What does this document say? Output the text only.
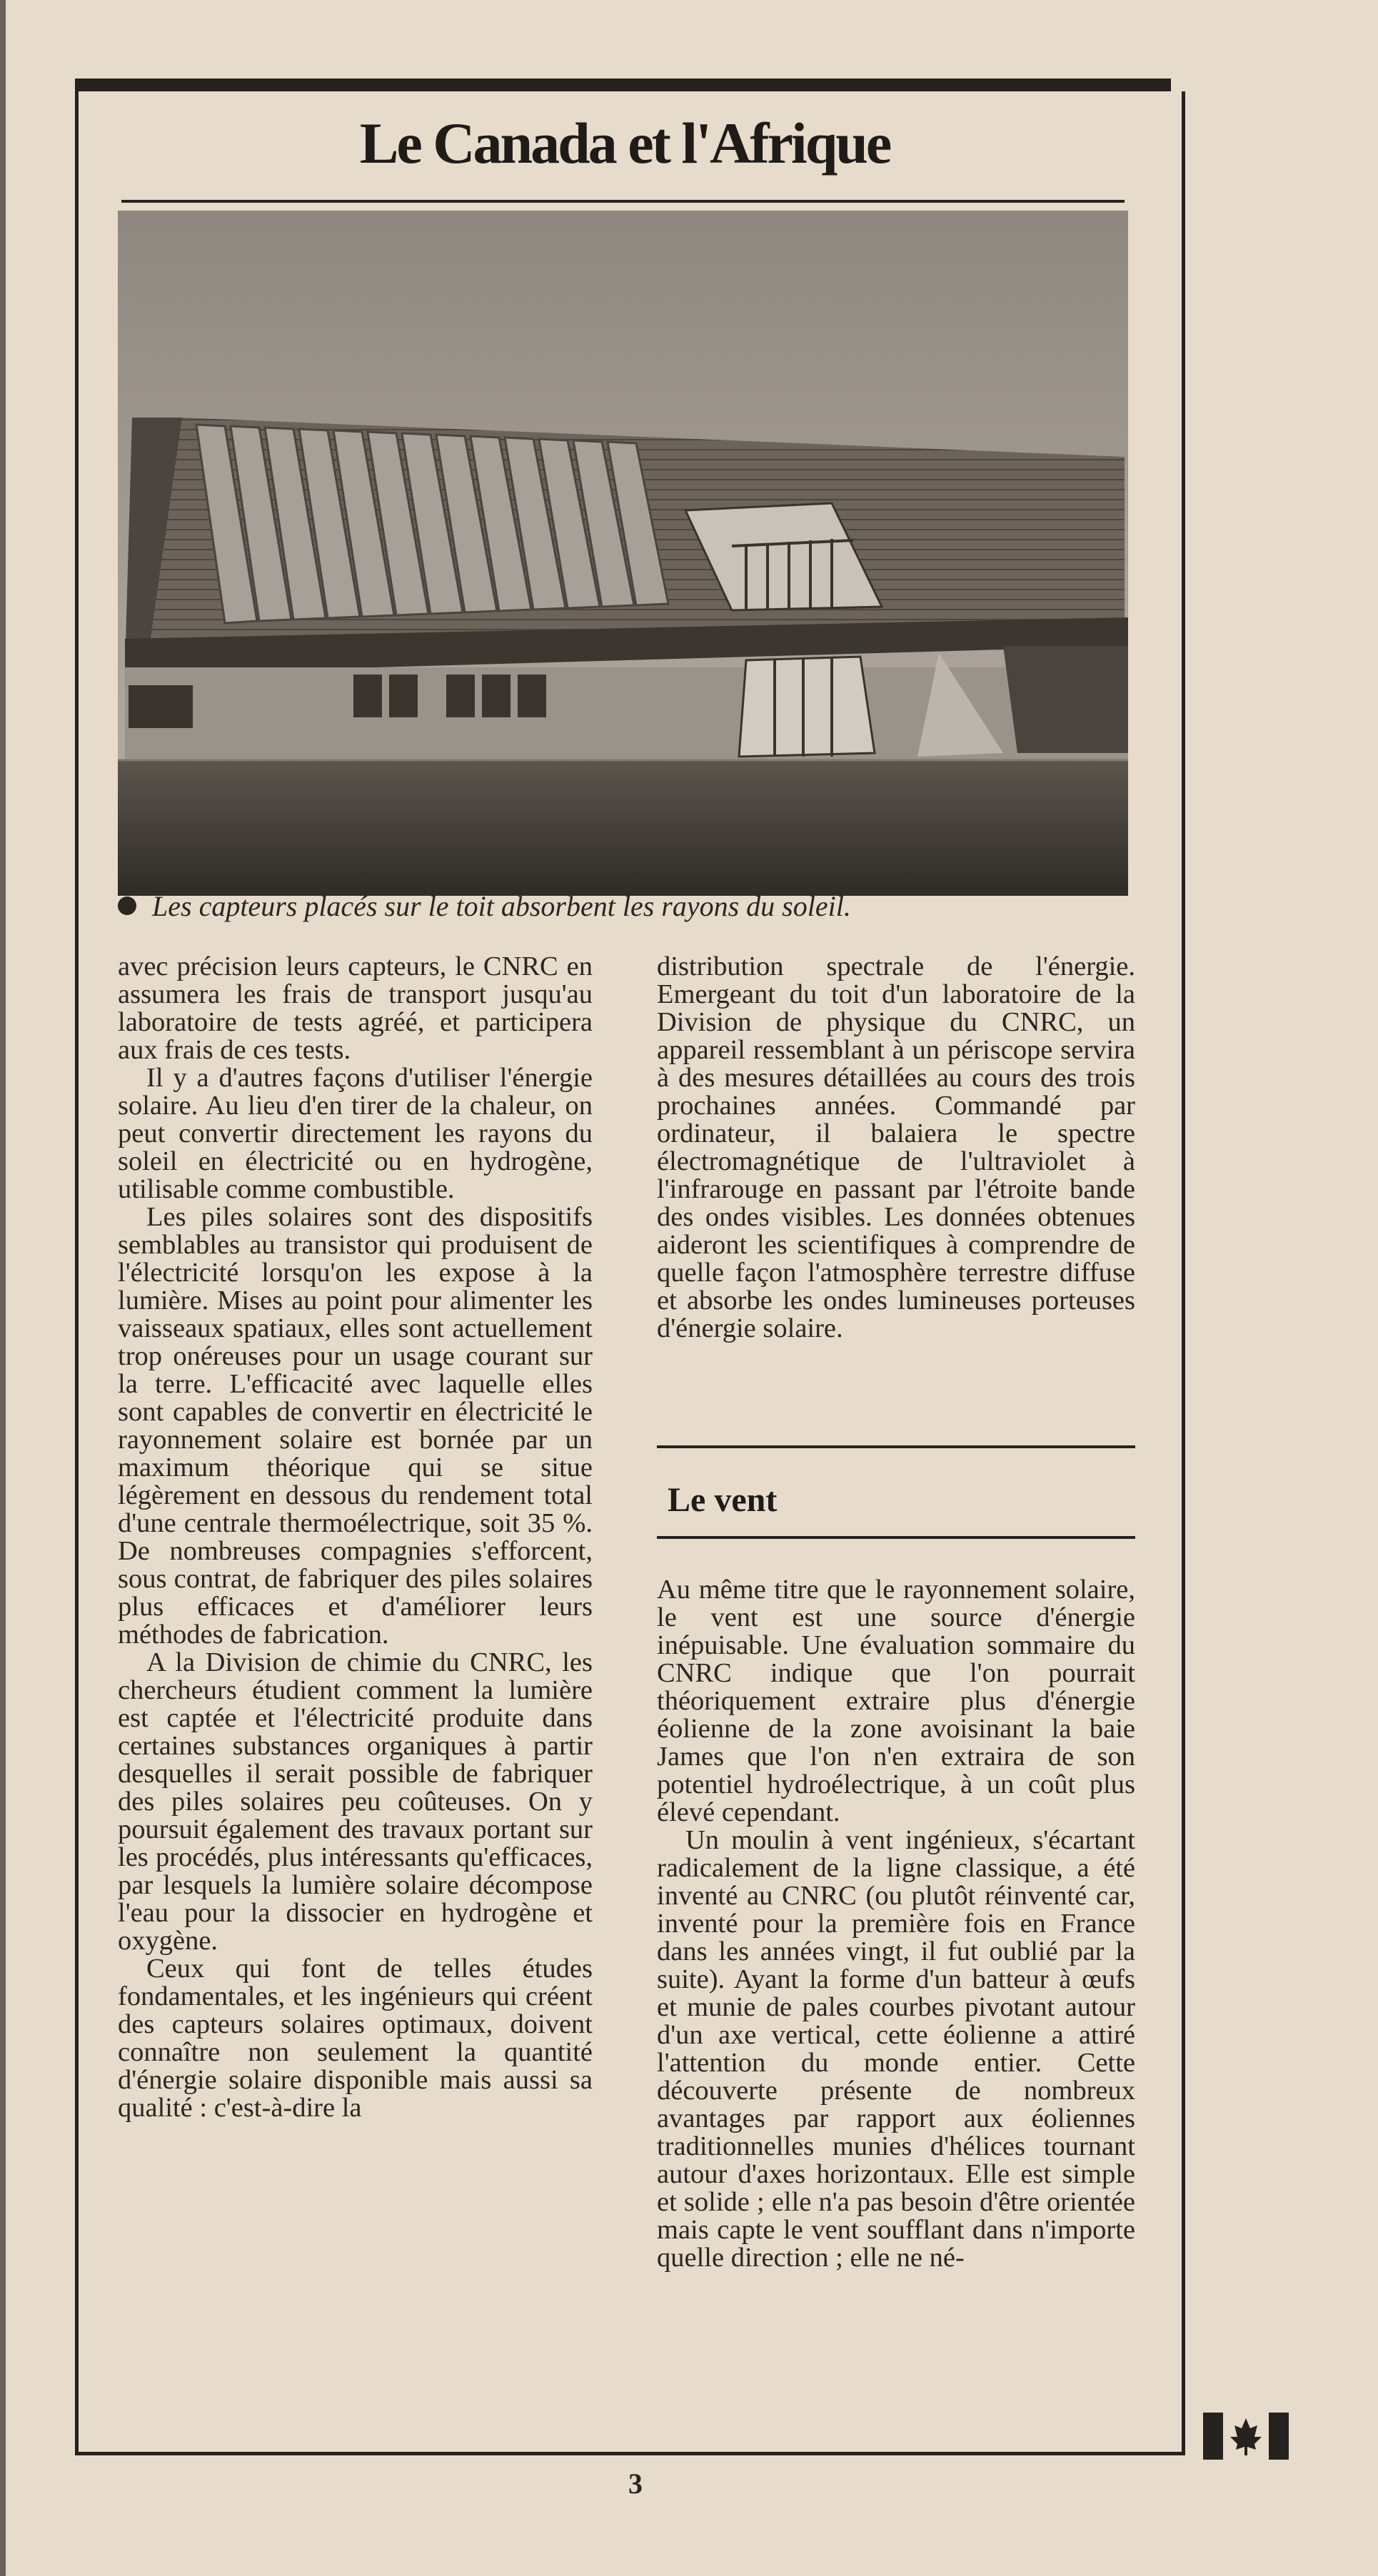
Le Canada et l'Afrique
Les capteurs placés sur le toit absorbent les rayons du soleil.

avec précision leurs capteurs, le CNRC en assumera les frais de transport jusqu'au laboratoire de tests agréé, et participera aux frais de ces tests.

Il y a d'autres façons d'utiliser l'énergie solaire. Au lieu d'en tirer de la chaleur, on peut convertir directement les rayons du soleil en électricité ou en hydrogène, utilisable comme combustible.

Les piles solaires sont des dispositifs semblables au transistor qui produisent de l'électricité lorsqu'on les expose à la lumière. Mises au point pour alimenter les vaisseaux spatiaux, elles sont actuellement trop onéreuses pour un usage courant sur la terre. L'efficacité avec laquelle elles sont capables de convertir en électricité le rayonnement solaire est bornée par un maximum théorique qui se situe légèrement en dessous du rendement total d'une centrale thermoélectrique, soit 35 %. De nombreuses compagnies s'efforcent, sous contrat, de fabriquer des piles solaires plus efficaces et d'améliorer leurs méthodes de fabrication.

A la Division de chimie du CNRC, les chercheurs étudient comment la lumière est captée et l'électricité produite dans certaines substances organiques à partir desquelles il serait possible de fabriquer des piles solaires peu coûteuses. On y poursuit également des travaux portant sur les procédés, plus intéressants qu'efficaces, par lesquels la lumière solaire décompose l'eau pour la dissocier en hydrogène et oxygène.

Ceux qui font de telles études fondamentales, et les ingénieurs qui créent des capteurs solaires optimaux, doivent connaître non seulement la quantité d'énergie solaire disponible mais aussi sa qualité : c'est-à-dire la

distribution spectrale de l'énergie. Emergeant du toit d'un laboratoire de la Division de physique du CNRC, un appareil ressemblant à un périscope servira à des mesures détaillées au cours des trois prochaines années. Commandé par ordinateur, il balaiera le spectre électromagnétique de l'ultraviolet à l'infrarouge en passant par l'étroite bande des ondes visibles. Les données obtenues aideront les scientifiques à comprendre de quelle façon l'atmosphère terrestre diffuse et absorbe les ondes lumineuses porteuses d'énergie solaire.

Le vent

Au même titre que le rayonnement solaire, le vent est une source d'énergie inépuisable. Une évaluation sommaire du CNRC indique que l'on pourrait théoriquement extraire plus d'énergie éolienne de la zone avoisinant la baie James que l'on n'en extraira de son potentiel hydroélectrique, à un coût plus élevé cependant.

Un moulin à vent ingénieux, s'écartant radicalement de la ligne classique, a été inventé au CNRC (ou plutôt réinventé car, inventé pour la première fois en France dans les années vingt, il fut oublié par la suite). Ayant la forme d'un batteur à œufs et munie de pales courbes pivotant autour d'un axe vertical, cette éolienne a attiré l'attention du monde entier. Cette découverte présente de nombreux avantages par rapport aux éoliennes traditionnelles munies d'hélices tournant autour d'axes horizontaux. Elle est simple et solide ; elle n'a pas besoin d'être orientée mais capte le vent soufflant dans n'importe quelle direction ; elle ne né-

3
